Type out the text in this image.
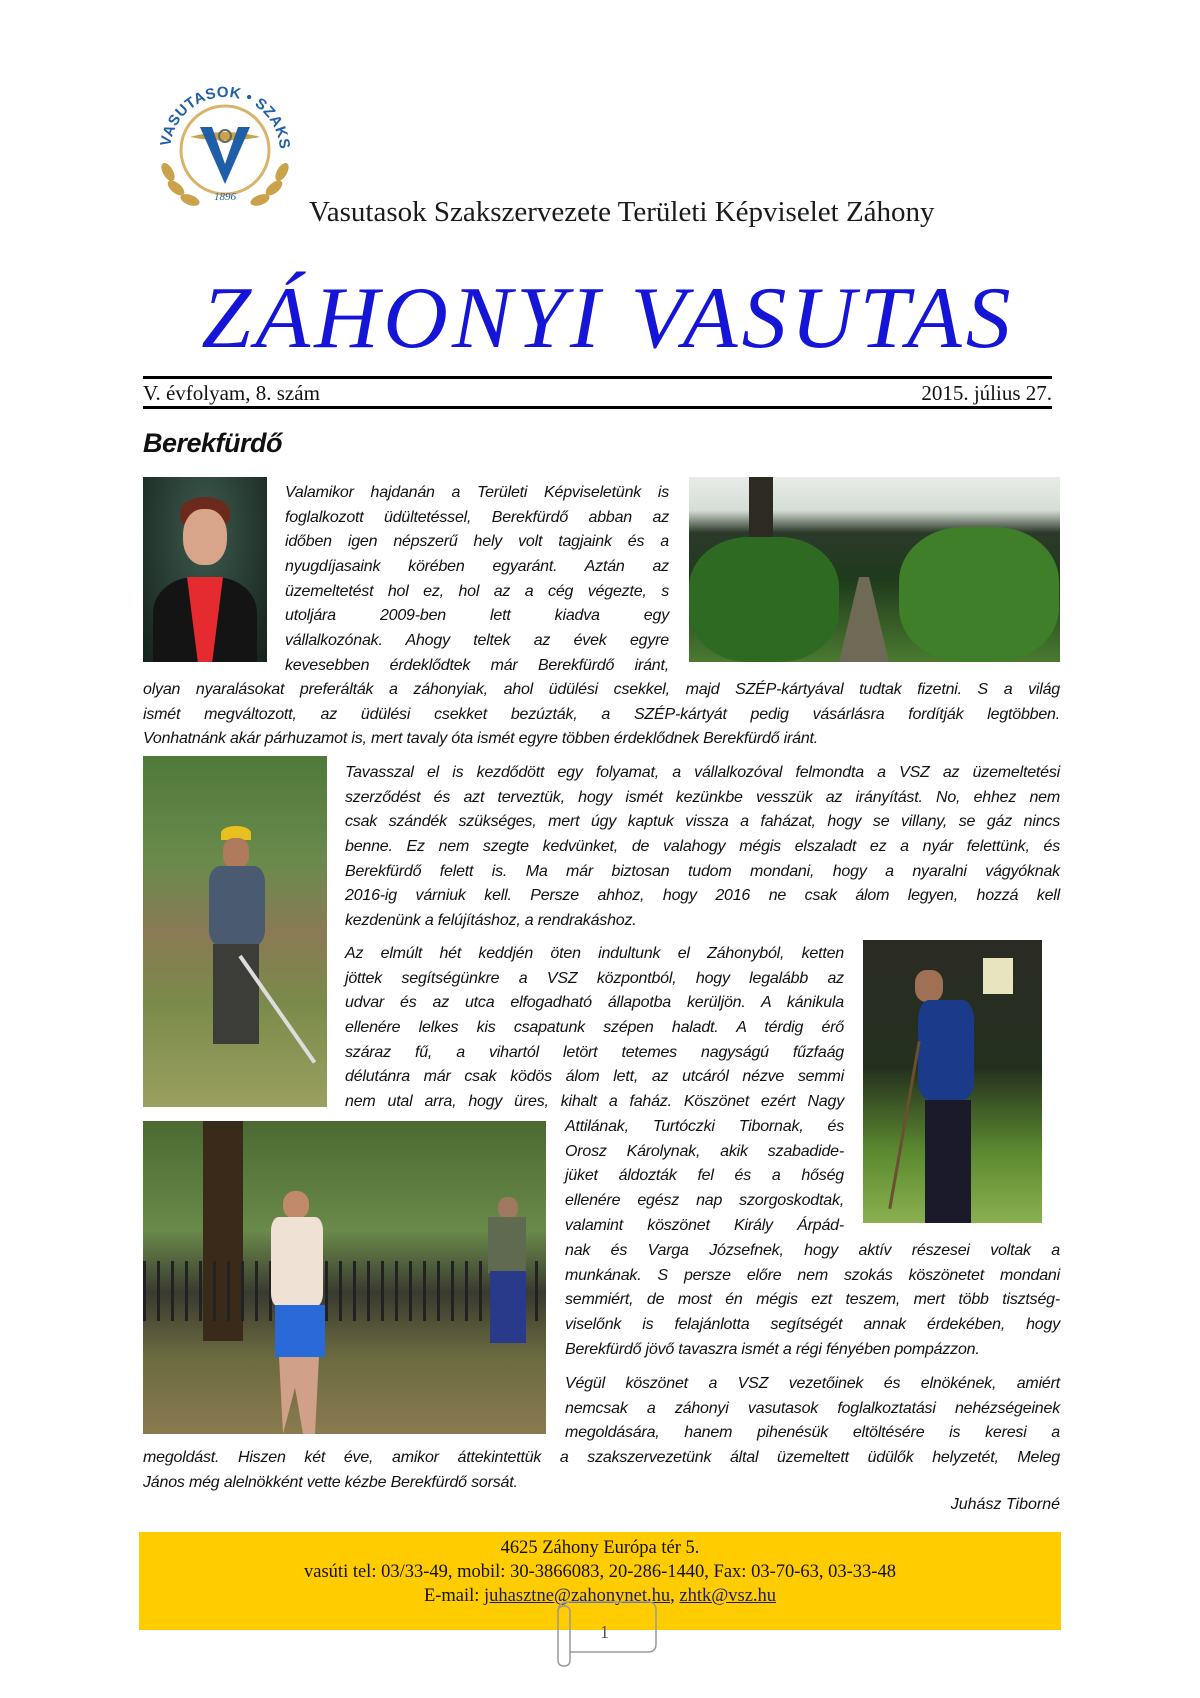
VASUTASOK • SZAKS
1896	Vasutasok Szakszervezete Területi Képviselet Záhony
ZÁHONYI VASUTAS
V. évfolyam, 8. szám	2015. július 27.
Berekfürdő
Valamikor hajdanán a Területi Képviseletünk is
foglalkozott üdültetéssel, Berekfürdő abban az
időben igen népszerű hely volt tagjaink és a
nyugdíjasaink körében egyaránt. Aztán az
üzemeltetést hol ez, hol az a cég végezte, s
utoljára 2009-ben lett kiadva egy
vállalkozónak. Ahogy teltek az évek egyre
kevesebben érdeklődtek már Berekfürdő iránt,
olyan nyaralásokat preferálták a záhonyiak, ahol üdülési csekkel, majd SZÉP-kártyával tudtak fizetni. S a világ
ismét megváltozott, az üdülési csekket bezúzták, a SZÉP-kártyát pedig vásárlásra fordítják legtöbben.
Vonhatnánk akár párhuzamot is, mert tavaly óta ismét egyre többen érdeklődnek Berekfürdő iránt.
Tavasszal el is kezdődött egy folyamat, a vállalkozóval felmondta a VSZ az üzemeltetési
szerződést és azt terveztük, hogy ismét kezünkbe vesszük az irányítást. No, ehhez nem
csak szándék szükséges, mert úgy kaptuk vissza a faházat, hogy se villany, se gáz nincs
benne. Ez nem szegte kedvünket, de valahogy mégis elszaladt ez a nyár felettünk, és
Berekfürdő felett is. Ma már biztosan tudom mondani, hogy a nyaralni vágyóknak
2016-ig várniuk kell. Persze ahhoz, hogy 2016 ne csak álom legyen, hozzá kell
kezdenünk a felújításhoz, a rendrakáshoz.
Az elmúlt hét keddjén öten indultunk el Záhonyból, ketten
jöttek segítségünkre a VSZ központból, hogy legalább az
udvar és az utca elfogadható állapotba kerüljön. A kánikula
ellenére lelkes kis csapatunk szépen haladt. A térdig érő
száraz fű, a vihartól letört tetemes nagyságú fűzfaág
délutánra már csak ködös álom lett, az utcáról nézve semmi
nem utal arra, hogy üres, kihalt a faház. Köszönet ezért Nagy
Attilának, Turtóczki Tibornak, és
Orosz Károlynak, akik szabadide-
jüket áldozták fel és a hőség
ellenére egész nap szorgoskodtak,
valamint köszönet Király Árpád-
nak és Varga Józsefnek, hogy aktív részesei voltak a
munkának. S persze előre nem szokás köszönetet mondani
semmiért, de most én mégis ezt teszem, mert több tisztség-
viselőnk is felajánlotta segítségét annak érdekében, hogy
Berekfürdő jövő tavaszra ismét a régi fényében pompázzon.
Végül köszönet a VSZ vezetőinek és elnökének, amiért
nemcsak a záhonyi vasutasok foglalkoztatási nehézségeinek
megoldására, hanem pihenésük eltöltésére is keresi a
megoldást. Hiszen két éve, amikor áttekintettük a szakszervezetünk által üzemeltett üdülők helyzetét, Meleg
János még alelnökként vette kézbe Berekfürdő sorsát.
Juhász Tiborné
4625 Záhony Európa tér 5.
vasúti tel: 03/33-49, mobil: 30-3866083, 20-286-1440, Fax: 03-70-63, 03-33-48
E-mail: juhasztne@zahonynet.hu, zhtk@vsz.hu
1
